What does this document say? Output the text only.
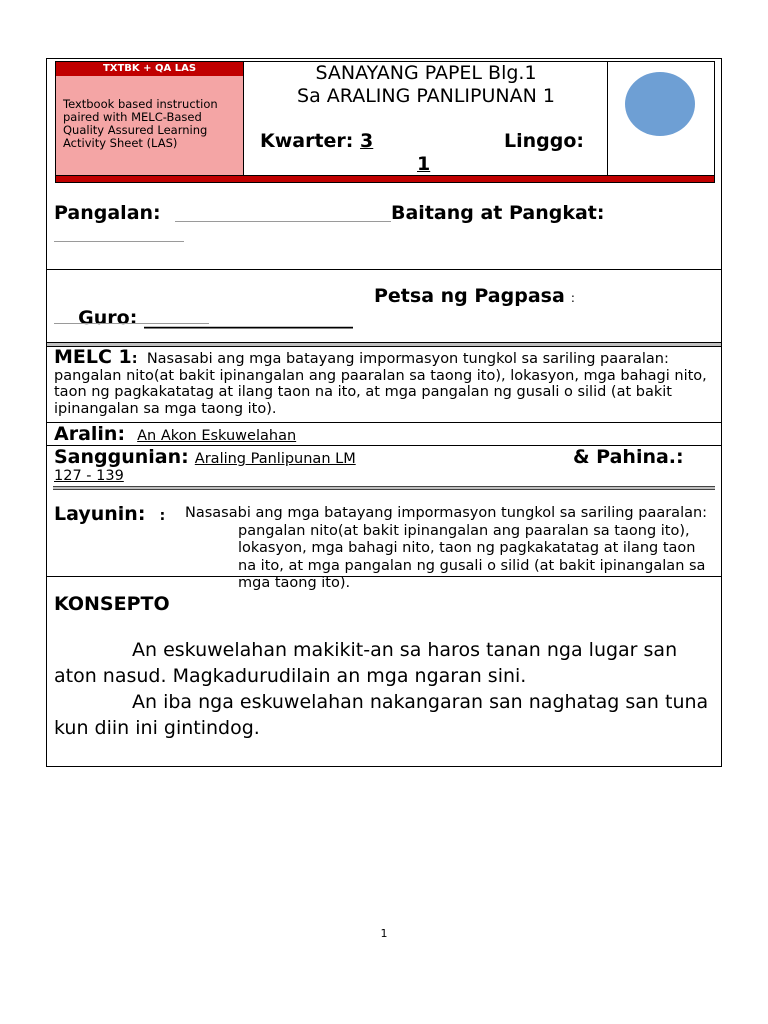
TXTBK + QA LAS
Textbook based instruction paired with MELC-Based Quality Assured Learning Activity Sheet (LAS)
SANAYANG PAPEL Blg.1
Sa ARALING PANLIPUNAN 1
Kwarter: 3	Linggo:
1
Pangalan:	Baitang at Pangkat:

Guro: ______________________

Petsa ng Pagpasa :
MELC 1: Nasasabi ang mga batayang impormasyon tungkol sa sariling paaralan: pangalan nito(at bakit ipinangalan ang paaralan sa taong ito), lokasyon, mga bahagi nito, taon ng pagkakatatag at ilang taon na ito, at mga pangalan ng gusali o silid (at bakit ipinangalan sa mga taong ito).
Aralin: An Akon Eskuwelahan
Sanggunian: Araling Panlipunan LM	& Pahina.:
127 - 139
Layunin: :	Nasasabi ang mga batayang impormasyon tungkol sa sariling paaralan: pangalan nito(at bakit ipinangalan ang paaralan sa taong ito), lokasyon, mga bahagi nito, taon ng pagkakatatag at ilang taon na ito, at mga pangalan ng gusali o silid (at bakit ipinangalan sa mga taong ito).
KONSEPTO
An eskuwelahan makikit-an sa haros tanan nga lugar san aton nasud. Magkadurudilain an mga ngaran sini.
An iba nga eskuwelahan nakangaran san naghatag san tuna kun diin ini gintindog.
1
